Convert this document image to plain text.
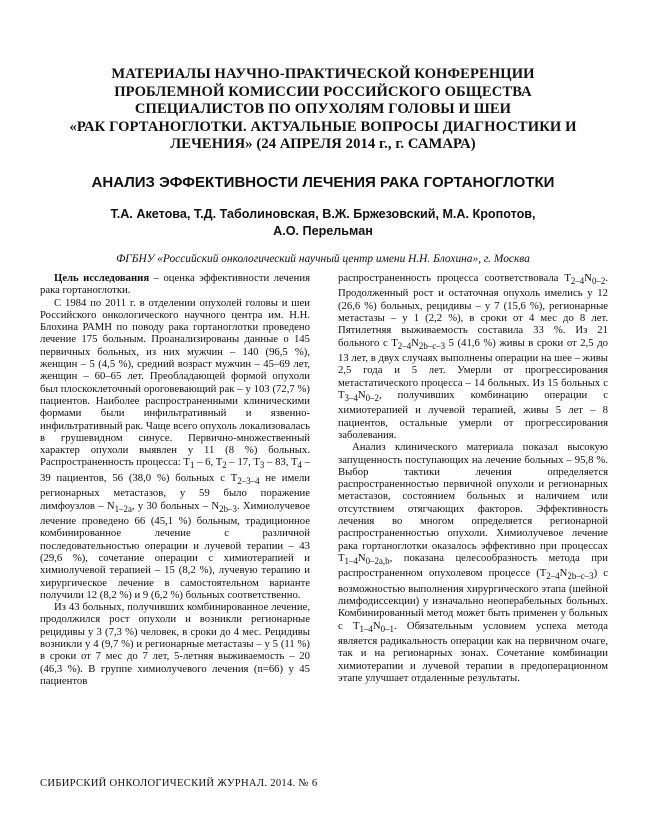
МАТЕРИАЛЫ НАУЧНО-ПРАКТИЧЕСКОЙ КОНФЕРЕНЦИИ
ПРОБЛЕМНОЙ КОМИССИИ РОССИЙСКОГО ОБЩЕСТВА
СПЕЦИАЛИСТОВ ПО ОПУХОЛЯМ ГОЛОВЫ И ШЕИ
«РАК ГОРТАНОГЛОТКИ. АКТУАЛЬНЫЕ ВОПРОСЫ ДИАГНОСТИКИ И
ЛЕЧЕНИЯ» (24 АПРЕЛЯ 2014 г., г. САМАРА)
АНАЛИЗ ЭФФЕКТИВНОСТИ ЛЕЧЕНИЯ РАКА ГОРТАНОГЛОТКИ
Т.А. Акетова, Т.Д. Таболиновская, В.Ж. Бржезовский, М.А. Кропотов,
А.О. Перельман
ФГБНУ «Российский онкологический научный центр имени Н.Н. Блохина», г. Москва

Цель исследования – оценка эффективности лечения рака гортаноглотки.

С 1984 по 2011 г. в отделении опухолей головы и шеи Российского онкологического научного центра им. Н.Н. Блохина РАМН по поводу рака гортаноглотки проведено лечение 175 больным. Проанализированы данные о 145 первичных больных, из них мужчин – 140 (96,5 %), женщин – 5 (4,5 %), средний возраст мужчин – 45–69 лет, женщин – 60–65 лет. Преобладающей формой опухоли был плоскоклеточный ороговевающий рак – у 103 (72,7 %) пациентов. Наиболее распространенными клиническими формами были инфильтративный и язвенно-инфильтративный рак. Чаще всего опухоль локализовалась в грушевидном синусе. Первично-множественный характер опухоли выявлен у 11 (8 %) больных. Распространенность процесса: $T_1 - 6$, $T_2 - 17$, $T_3 - 83$, $T_4 - 39$ пациентов, 56 (38,0 %) больных с $T_{2-3-4}$ не имели регионарных метастазов, у 59 было поражение лимфоузлов – $N_{1-2a}$, у 30 больных – $N_{2b-3}$. Химиолучевое лечение проведено 66 (45,1 %) больным, традиционное комбинированное лечение с различной последовательностью операции и лучевой терапии – 43 (29,6 %), сочетание операции с химиотерапией и химиолучевой терапией – 15 (8,2 %), лучевую терапию и хирургическое лечение в самостоятельном варианте получили 12 (8,2 %) и 9 (6,2 %) больных соответственно.

Из 43 больных, получивших комбинированное лечение, продолжился рост опухоли и возникли регионарные рецидивы у 3 (7,3 %) человек, в сроки до 4 мес. Рецидивы возникли у 4 (9,7 %) и регионарные метастазы – у 5 (11 %) в сроки от 7 мес до 7 лет, 5-летняя выживаемость – 20 (46,3 %). В группе химиолучевого лечения (n=66) у 45 пациентов

распространенность процесса соответствовала $T_{2-4}N_{0-2}$. Продолженный рост и остаточная опухоль имелись у 12 (26,6 %) больных, рецидивы – у 7 (15,6 %), регионарные метастазы – у 1 (2,2 %), в сроки от 4 мес до 8 лет. Пятилетняя выживаемость составила 33 %. Из 21 больного с $T_{2-4}N_{2b-с-3}$ 5 (41,6 %) живы в сроки от 2,5 до 13 лет, в двух случаях выполнены операции на шее – живы 2,5 года и 5 лет. Умерли от прогрессирования метастатического процесса – 14 больных. Из 15 больных с $T_{3-4}N_{0-2}$, получивших комбинацию операции с химиотерапией и лучевой терапией, живы 5 лет – 8 пациентов, остальные умерли от прогрессирования заболевания.

Анализ клинического материала показал высокую запущенность поступающих на лечение больных – 95,8 %. Выбор тактики лечения определяется распространенностью первичной опухоли и регионарных метастазов, состоянием больных и наличием или отсутствием отягчающих факторов. Эффективность лечения во многом определяется регионарной распространенностью опухоли. Химиолучевое лечение рака гортаноглотки оказалось эффективно при процессах $T_{1-4}N_{0-2a,b}$, показана целесообразность метода при распространенном опухолевом процессе $(T_{2-4}N_{2b-с-3})$ с возможностью выполнения хирургического этапа (шейной лимфодиссекции) у изначально неоперабельных больных. Комбинированный метод может быть применен у больных с $T_{1-4}N_{0-1}$. Обязательным условием успеха метода является радикальность операции как на первичном очаге, так и на регионарных зонах. Сочетание комбинации химиотерапии и лучевой терапии в предоперационном этапе улучшает отдаленные результаты.

СИБИРСКИЙ ОНКОЛОГИЧЕСКИЙ ЖУРНАЛ. 2014. № 6
